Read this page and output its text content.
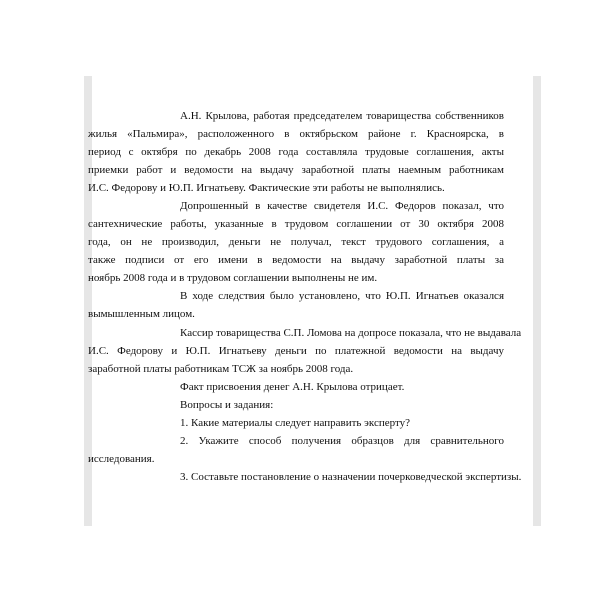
А.Н. Крылова, работая председателем товарищества собственников
жилья «Пальмира», расположенного в октябрьском районе г. Красноярска, в
период с октября по декабрь 2008 года составляла трудовые соглашения, акты
приемки работ и ведомости на выдачу заработной платы наемным работникам
И.С. Федорову и Ю.П. Игнатьеву. Фактические эти работы не выполнялись.
Допрошенный в качестве свидетеля И.С. Федоров показал, что
сантехнические работы, указанные в трудовом соглашении от 30 октября 2008
года, он не производил, деньги не получал, текст трудового соглашения, а
также подписи от его имени в ведомости на выдачу заработной платы за
ноябрь 2008 года и в трудовом соглашении выполнены не им.
В ходе следствия было установлено, что Ю.П. Игнатьев оказался
вымышленным лицом.
Кассир товарищества С.П. Ломова на допросе показала, что не выдавала
И.С. Федорову и Ю.П. Игнатьеву деньги по платежной ведомости на выдачу
заработной платы работникам ТСЖ за ноябрь 2008 года.
Факт присвоения денег А.Н. Крылова отрицает.
Вопросы и задания:
1. Какие материалы следует направить эксперту?
2. Укажите способ получения образцов для сравнительного
исследования.
3. Составьте постановление о назначении почерковедческой экспертизы.
